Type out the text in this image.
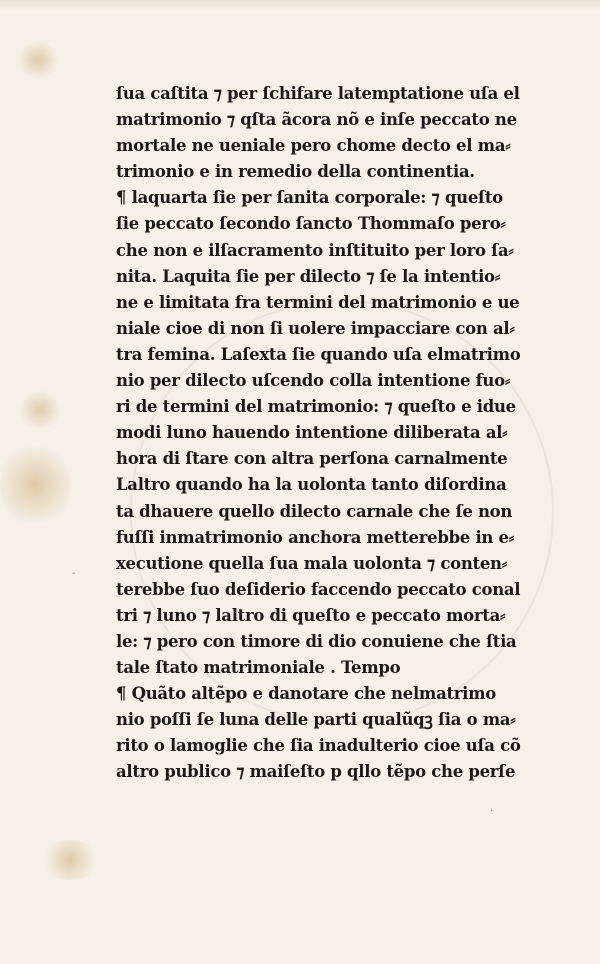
ſua caſtita ⁊ per ſchifare latemptatione uſa el
matrimonio ⁊ qſta ãcora nõ e inſe peccato ne
mortale ne ueniale pero chome decto el ma⸗
trimonio e in remedio della continentia.
¶ laquarta ſie per ſanita corporale: ⁊ queſto
ſie peccato ſecondo ſancto Thommaſo pero⸗
che non e ilſacramento inſtituito per loro ſa⸗
nita. Laquita ſie per dilecto ⁊ ſe la intentio⸗
ne e limitata fra termini del matrimonio e ue
niale cioe di non ſi uolere impacciare con al⸗
tra femina. Laſexta ſie quando uſa elmatrimo
nio per dilecto uſcendo colla intentione fuo⸗
ri de termini del matrimonio: ⁊ queſto e idue
modi luno hauendo intentione diliberata al⸗
hora di ſtare con altra perſona carnalmente
Laltro quando ha la uolonta tanto diſordina
ta dhauere quello dilecto carnale che ſe non
fuſſi inmatrimonio anchora metterebbe in e⸗
xecutione quella ſua mala uolonta ⁊ conten⸗
terebbe ſuo deſiderio faccendo peccato conal
tri ⁊ luno ⁊ laltro di queſto e peccato morta⸗
le: ⁊ pero con timore di dio conuiene che ſtia
tale ſtato matrimoniale . Tempo
¶ Quãto altẽpo e danotare che nelmatrimo
nio poſſi ſe luna delle parti qualũqꝫ ſia o ma⸗
rito o lamoglie che ſia inadulterio cioe uſa cõ
altro publico ⁊ maiſeſto p qllo tẽpo che perſe
-
·
